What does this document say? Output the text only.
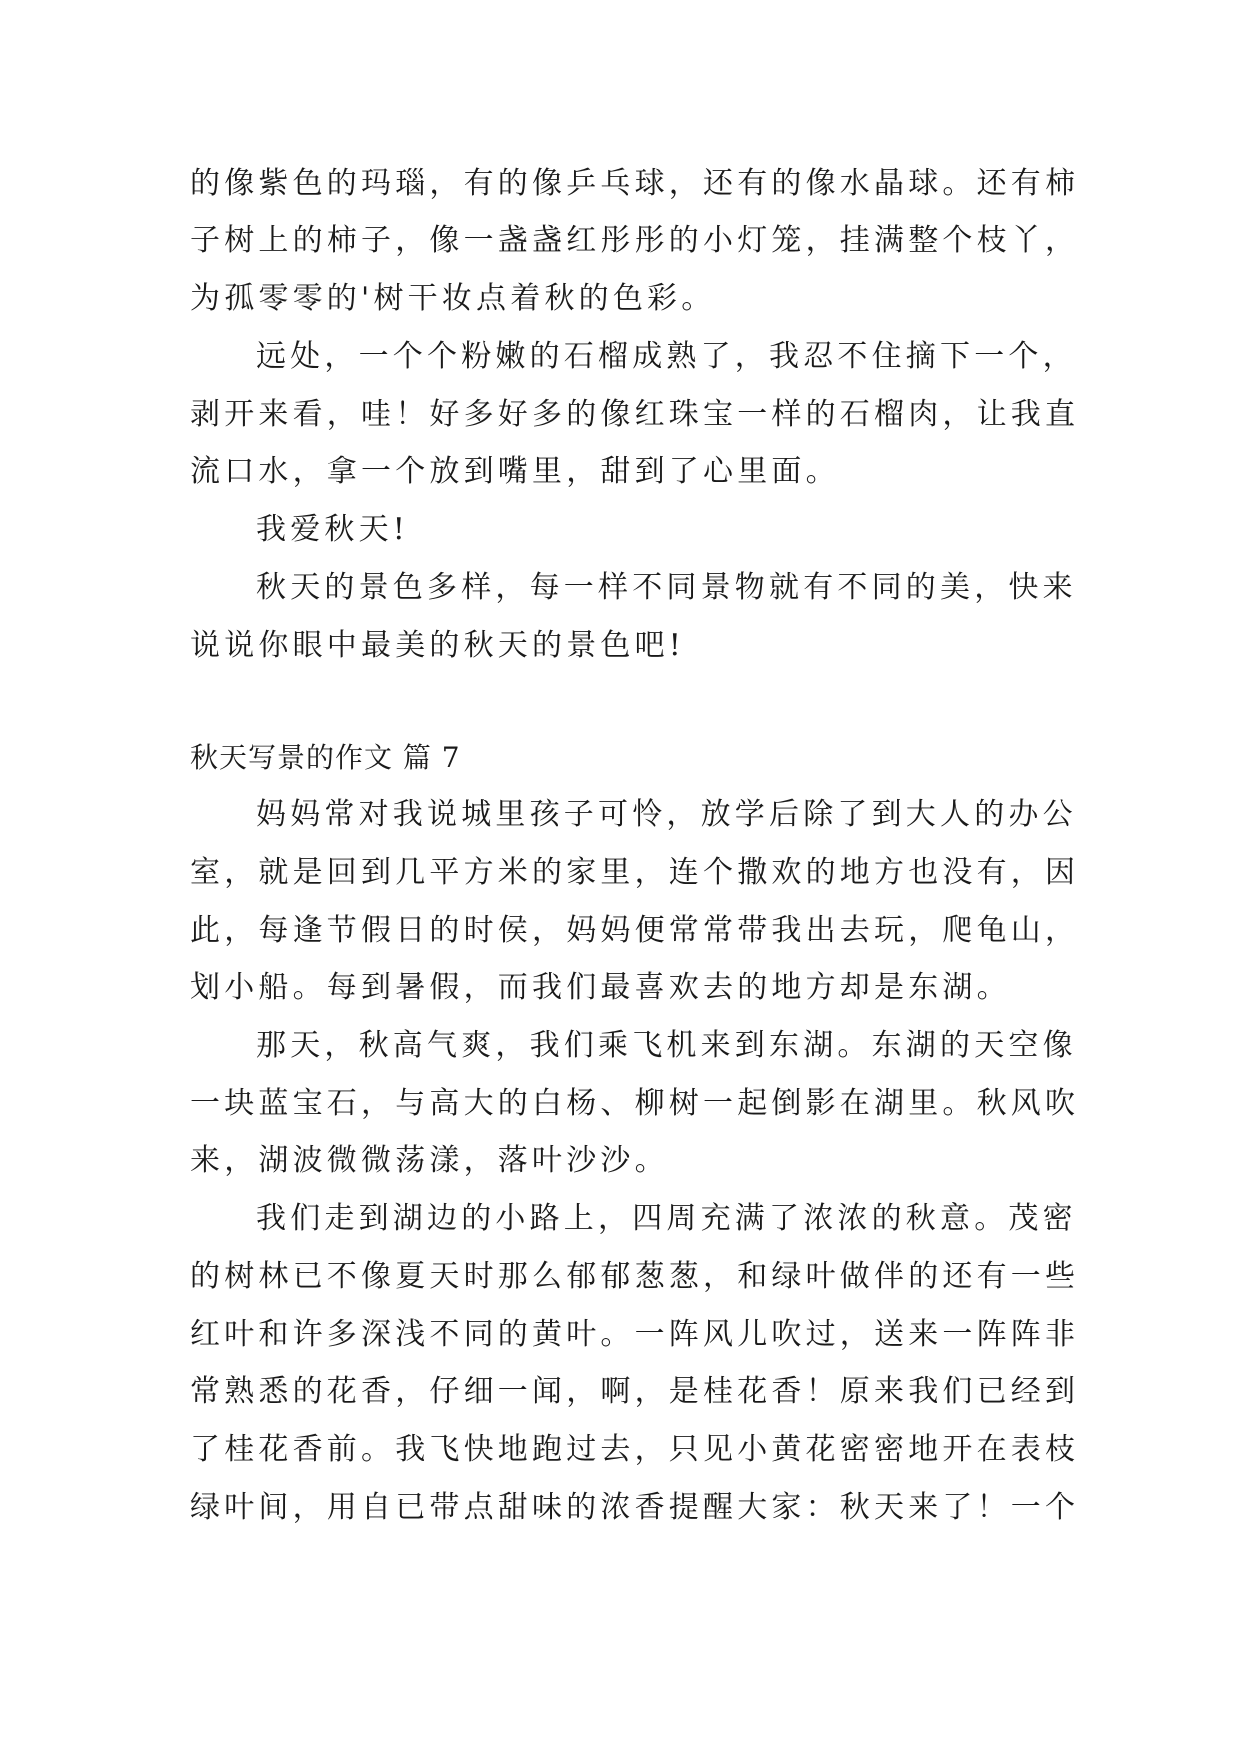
的像紫色的玛瑙，有的像乒乓球，还有的像水晶球。还有柿
子树上的柿子，像一盏盏红彤彤的小灯笼，挂满整个枝丫，
为孤零零的'树干妆点着秋的色彩。
远处，一个个粉嫩的石榴成熟了，我忍不住摘下一个，
剥开来看，哇！好多好多的像红珠宝一样的石榴肉，让我直
流口水，拿一个放到嘴里，甜到了心里面。
我爱秋天!
秋天的景色多样，每一样不同景物就有不同的美，快来
说说你眼中最美的秋天的景色吧!
秋天写景的作文 篇 7
妈妈常对我说城里孩子可怜，放学后除了到大人的办公
室，就是回到几平方米的家里，连个撒欢的地方也没有，因
此，每逢节假日的时侯，妈妈便常常带我出去玩，爬龟山，
划小船。每到暑假，而我们最喜欢去的地方却是东湖。
那天，秋高气爽，我们乘飞机来到东湖。东湖的天空像
一块蓝宝石，与高大的白杨、柳树一起倒影在湖里。秋风吹
来，湖波微微荡漾，落叶沙沙。
我们走到湖边的小路上，四周充满了浓浓的秋意。茂密
的树林已不像夏天时那么郁郁葱葱，和绿叶做伴的还有一些
红叶和许多深浅不同的黄叶。一阵风儿吹过，送来一阵阵非
常熟悉的花香，仔细一闻，啊，是桂花香！原来我们已经到
了桂花香前。我飞快地跑过去，只见小黄花密密地开在表枝
绿叶间，用自已带点甜味的浓香提醒大家：秋天来了！一个
